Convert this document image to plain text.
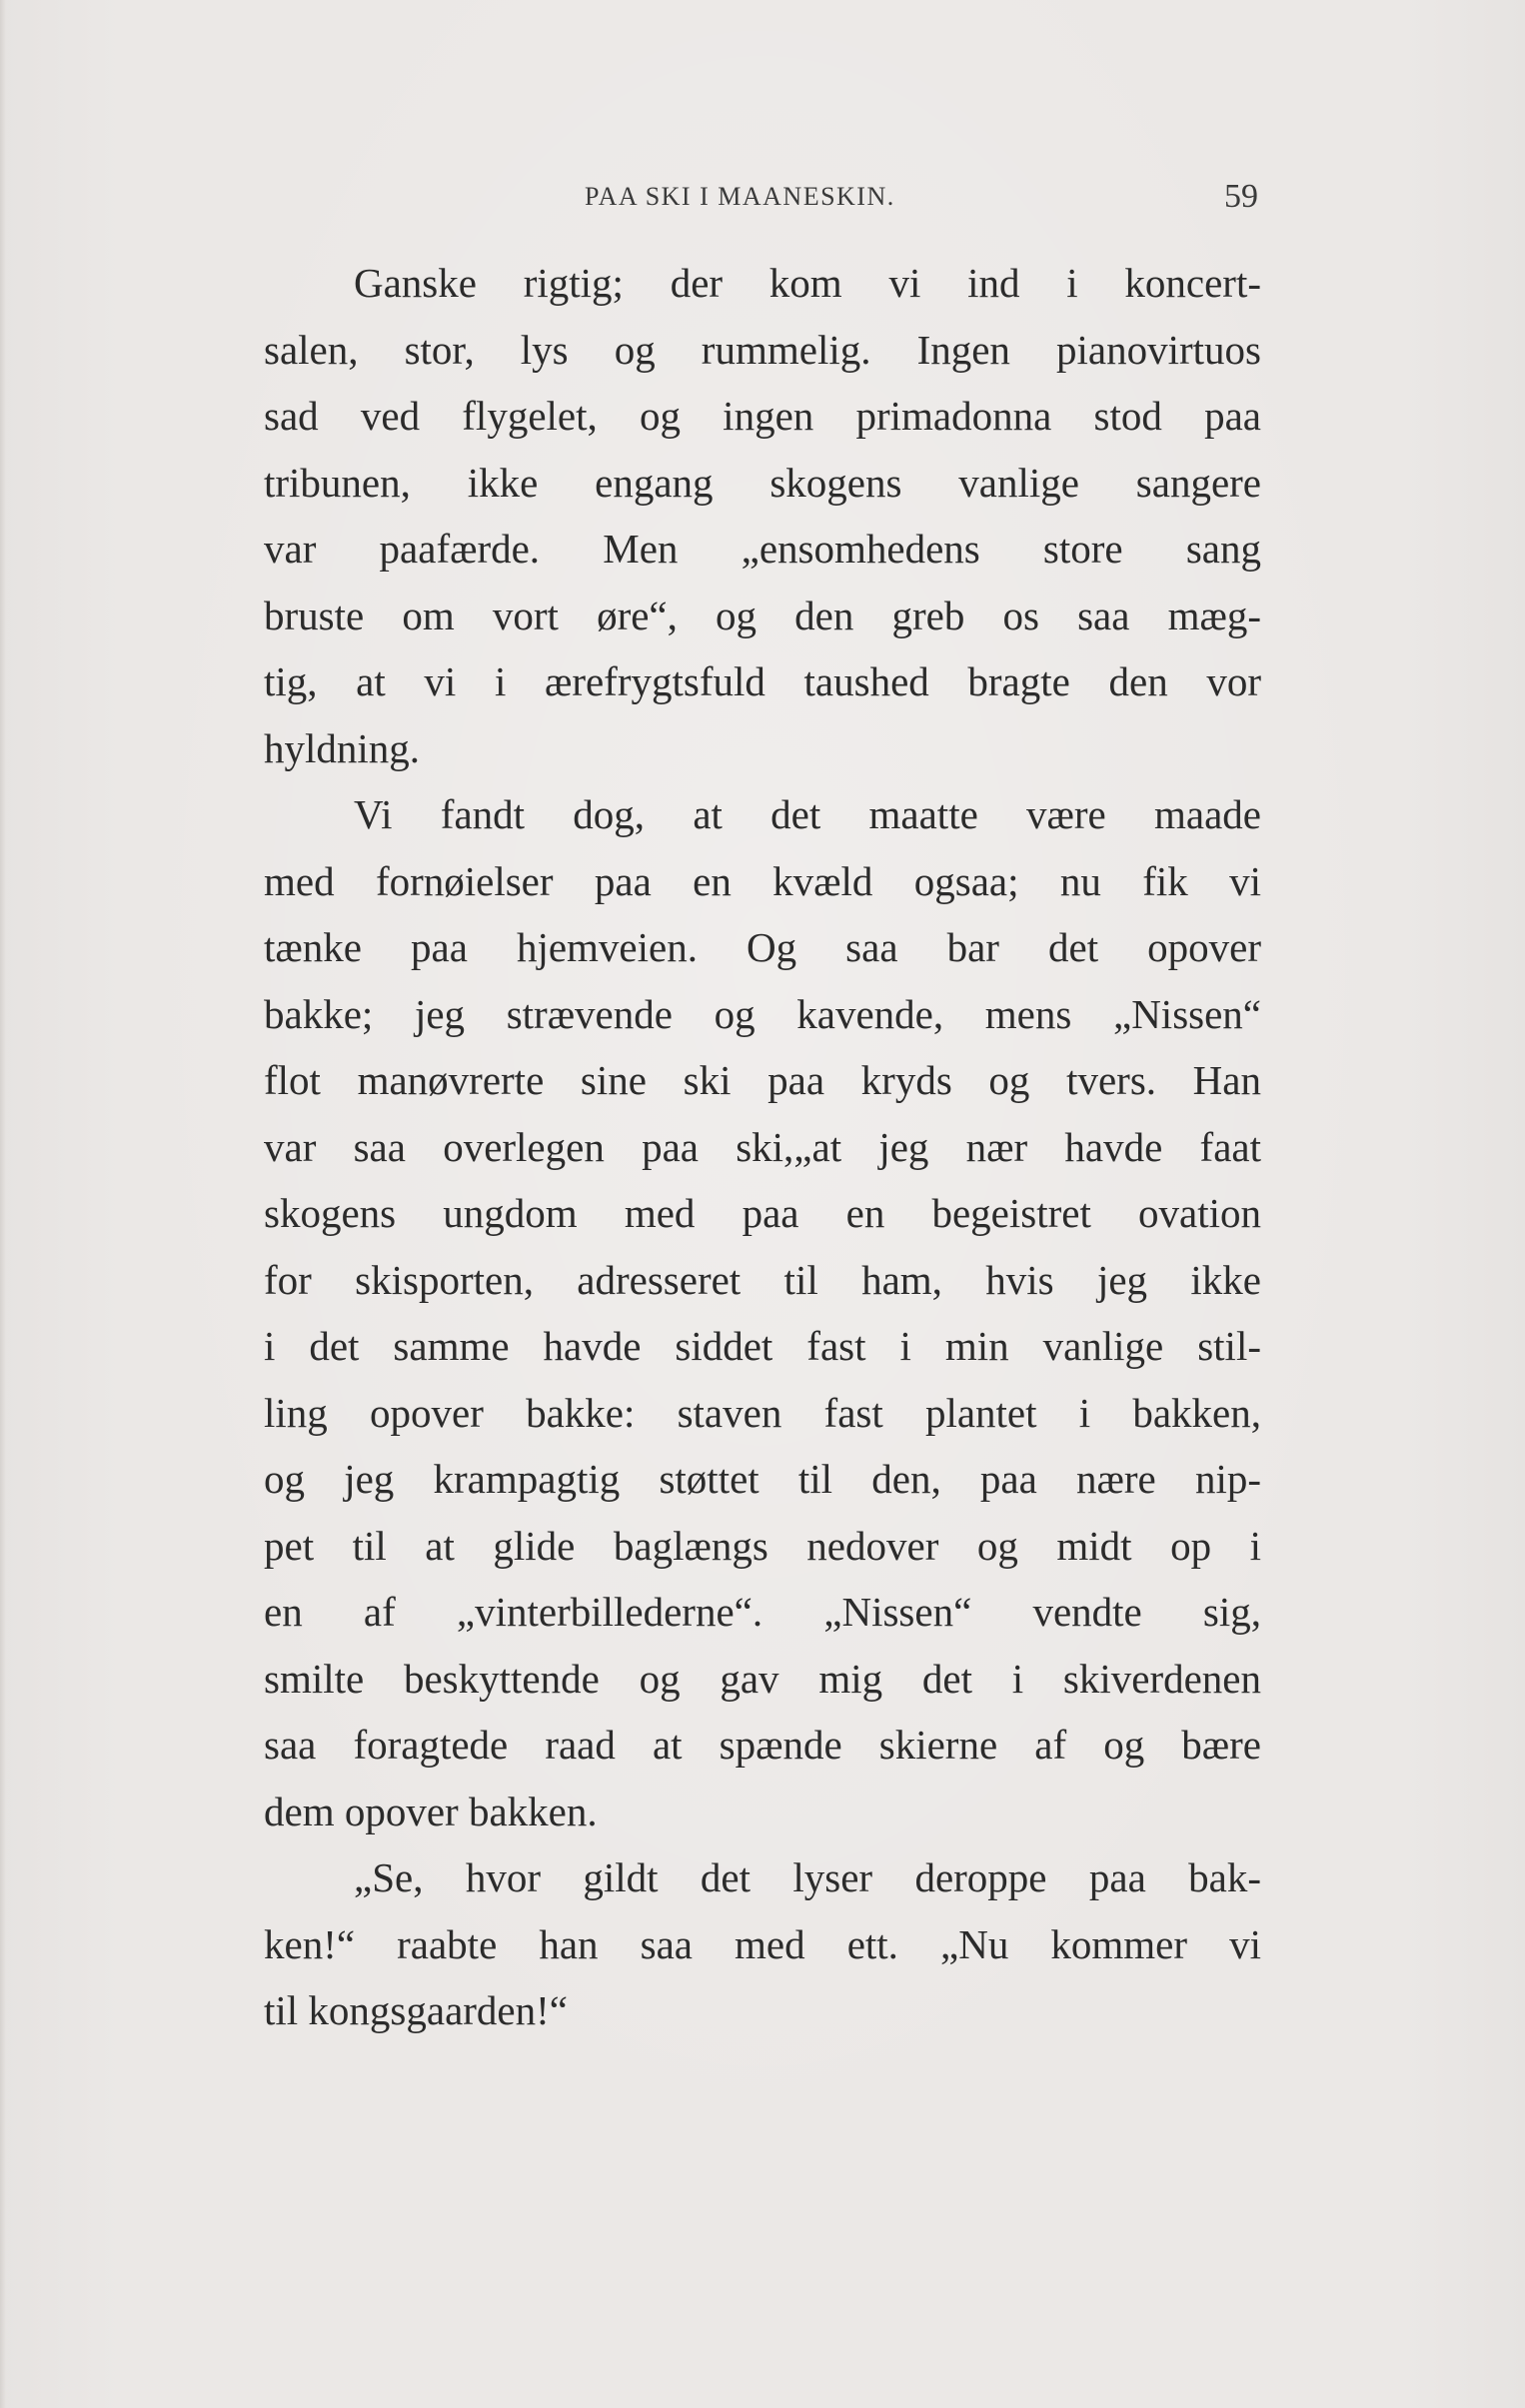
PAA SKI I MAANESKIN.	59
Ganske rigtig; der kom vi ind i koncert-
salen, stor, lys og rummelig. Ingen pianovirtuos
sad ved flygelet, og ingen primadonna stod paa
tribunen, ikke engang skogens vanlige sangere
var paafærde. Men „ensomhedens store sang
bruste om vort øre“, og den greb os saa mæg-
tig, at vi i ærefrygtsfuld taushed bragte den vor
hyldning.
Vi fandt dog, at det maatte være maade
med fornøielser paa en kvæld ogsaa; nu fik vi
tænke paa hjemveien. Og saa bar det opover
bakke; jeg strævende og kavende, mens „Nissen“
flot manøvrerte sine ski paa kryds og tvers. Han
var saa overlegen paa ski,„at jeg nær havde faat
skogens ungdom med paa en begeistret ovation
for skisporten, adresseret til ham, hvis jeg ikke
i det samme havde siddet fast i min vanlige stil-
ling opover bakke: staven fast plantet i bakken,
og jeg krampagtig støttet til den, paa nære nip-
pet til at glide baglængs nedover og midt op i
en af „vinterbilledernе“. „Nissen“ vendte sig,
smilte beskyttende og gav mig det i skiverdenen
saa foragtede raad at spænde skierne af og bære
dem opover bakken.
„Se, hvor gildt det lyser deroppe paa bak-
ken!“ raabte han saa med ett. „Nu kommer vi
til kongsgaarden!“
